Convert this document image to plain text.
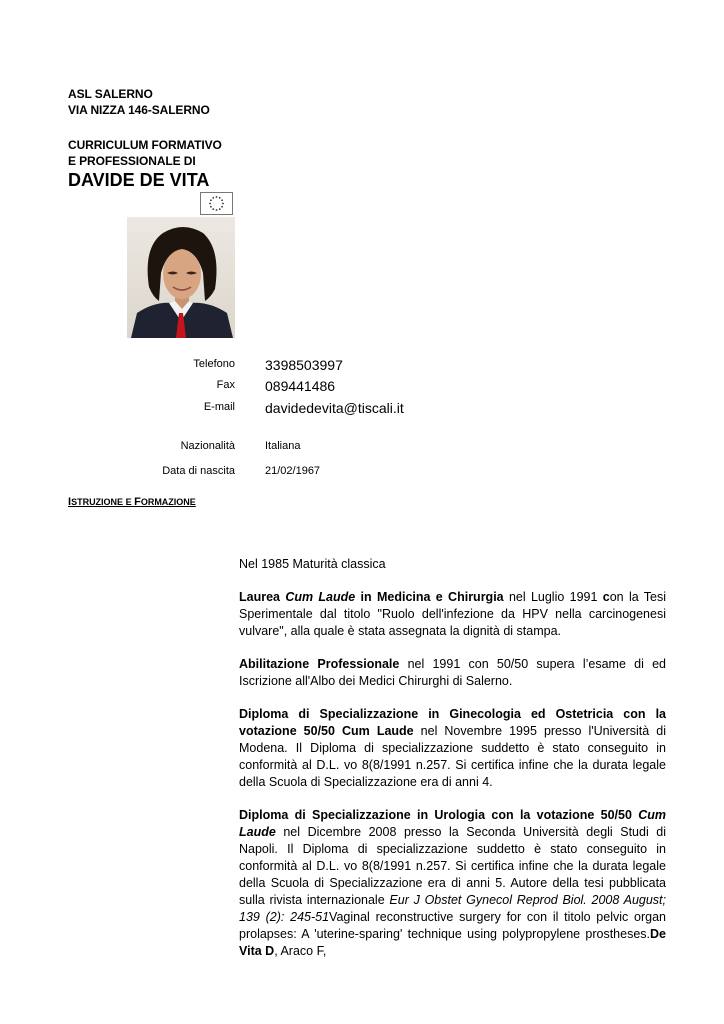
ASL SALERNO
VIA NIZZA 146-SALERNO
CURRICULUM FORMATIVO
E PROFESSIONALE DI
DAVIDE DE VITA
Telefono 3398503997
Fax 089441486
E-mail davidedevita@tiscali.it
Nazionalità	Italiana
Data di nascita	21/02/1967
ISTRUZIONE E FORMAZIONE

Nel 1985 Maturità classica

Laurea Cum Laude in Medicina e Chirurgia nel Luglio 1991 con la Tesi Sperimentale dal titolo "Ruolo dell'infezione da HPV nella carcinogenesi vulvare", alla quale è stata assegnata la dignità di stampa.

Abilitazione Professionale nel 1991 con 50/50 supera l’esame di ed Iscrizione all'Albo dei Medici Chirurghi di Salerno.

Diploma di Specializzazione in Ginecologia ed Ostetricia con la votazione 50/50 Cum Laude nel Novembre 1995 presso l'Università di Modena. Il Diploma di specializzazione suddetto è stato conseguito in conformità al D.L. vo 8(8/1991 n.257. Si certifica infine che la durata legale della Scuola di Specializzazione era di anni 4.

Diploma di Specializzazione in Urologia con la votazione 50/50 Cum Laude nel Dicembre 2008 presso la Seconda Università degli Studi di Napoli. Il Diploma di specializzazione suddetto è stato conseguito in conformità al D.L. vo 8(8/1991 n.257. Si certifica infine che la durata legale della Scuola di Specializzazione era di anni 5. Autore della tesi pubblicata sulla rivista internazionale Eur J Obstet Gynecol Reprod Biol. 2008 August; 139 (2): 245-51Vaginal reconstructive surgery for con il titolo pelvic organ prolapses: A 'uterine-sparing' technique using polypropylene prostheses.De Vita D, Araco F,
